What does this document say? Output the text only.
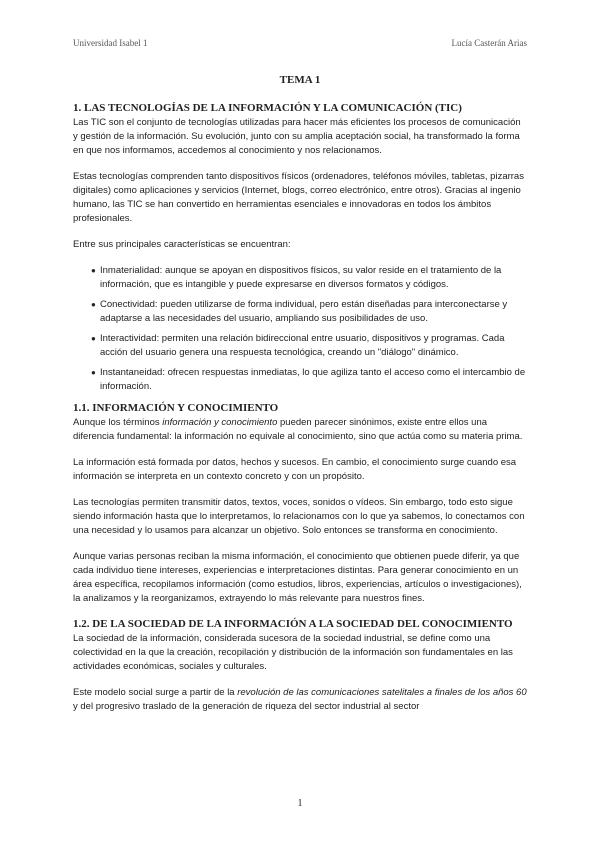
Universidad Isabel 1	Lucía Casterán Arias
TEMA 1
1. LAS TECNOLOGÍAS DE LA INFORMACIÓN Y LA COMUNICACIÓN (TIC)

Las TIC son el conjunto de tecnologías utilizadas para hacer más eficientes los procesos de comunicación y gestión de la información. Su evolución, junto con su amplia aceptación social, ha transformado la forma en que nos informamos, accedemos al conocimiento y nos relacionamos.

Estas tecnologías comprenden tanto dispositivos físicos (ordenadores, teléfonos móviles, tabletas, pizarras digitales) como aplicaciones y servicios (Internet, blogs, correo electrónico, entre otros). Gracias al ingenio humano, las TIC se han convertido en herramientas esenciales e innovadoras en todos los ámbitos profesionales.

Entre sus principales características se encuentran:

● Inmaterialidad: aunque se apoyan en dispositivos físicos, su valor reside en el tratamiento de la información, que es intangible y puede expresarse en diversos formatos y códigos.
● Conectividad: pueden utilizarse de forma individual, pero están diseñadas para interconectarse y adaptarse a las necesidades del usuario, ampliando sus posibilidades de uso.
● Interactividad: permiten una relación bidireccional entre usuario, dispositivos y programas. Cada acción del usuario genera una respuesta tecnológica, creando un "diálogo" dinámico.
● Instantaneidad: ofrecen respuestas inmediatas, lo que agiliza tanto el acceso como el intercambio de información.
1.1. INFORMACIÓN Y CONOCIMIENTO

Aunque los términos información y conocimiento pueden parecer sinónimos, existe entre ellos una diferencia fundamental: la información no equivale al conocimiento, sino que actúa como su materia prima.

La información está formada por datos, hechos y sucesos. En cambio, el conocimiento surge cuando esa información se interpreta en un contexto concreto y con un propósito.

Las tecnologías permiten transmitir datos, textos, voces, sonidos o vídeos. Sin embargo, todo esto sigue siendo información hasta que lo interpretamos, lo relacionamos con lo que ya sabemos, lo conectamos con una necesidad y lo usamos para alcanzar un objetivo. Solo entonces se transforma en conocimiento.

Aunque varias personas reciban la misma información, el conocimiento que obtienen puede diferir, ya que cada individuo tiene intereses, experiencias e interpretaciones distintas. Para generar conocimiento en un área específica, recopilamos información (como estudios, libros, experiencias, artículos o investigaciones), la analizamos y la reorganizamos, extrayendo lo más relevante para nuestros fines.

1.2. DE LA SOCIEDAD DE LA INFORMACIÓN A LA SOCIEDAD DEL CONOCIMIENTO

La sociedad de la información, considerada sucesora de la sociedad industrial, se define como una colectividad en la que la creación, recopilación y distribución de la información son fundamentales en las actividades económicas, sociales y culturales.

Este modelo social surge a partir de la revolución de las comunicaciones satelitales a finales de los años 60 y del progresivo traslado de la generación de riqueza del sector industrial al sector

1
